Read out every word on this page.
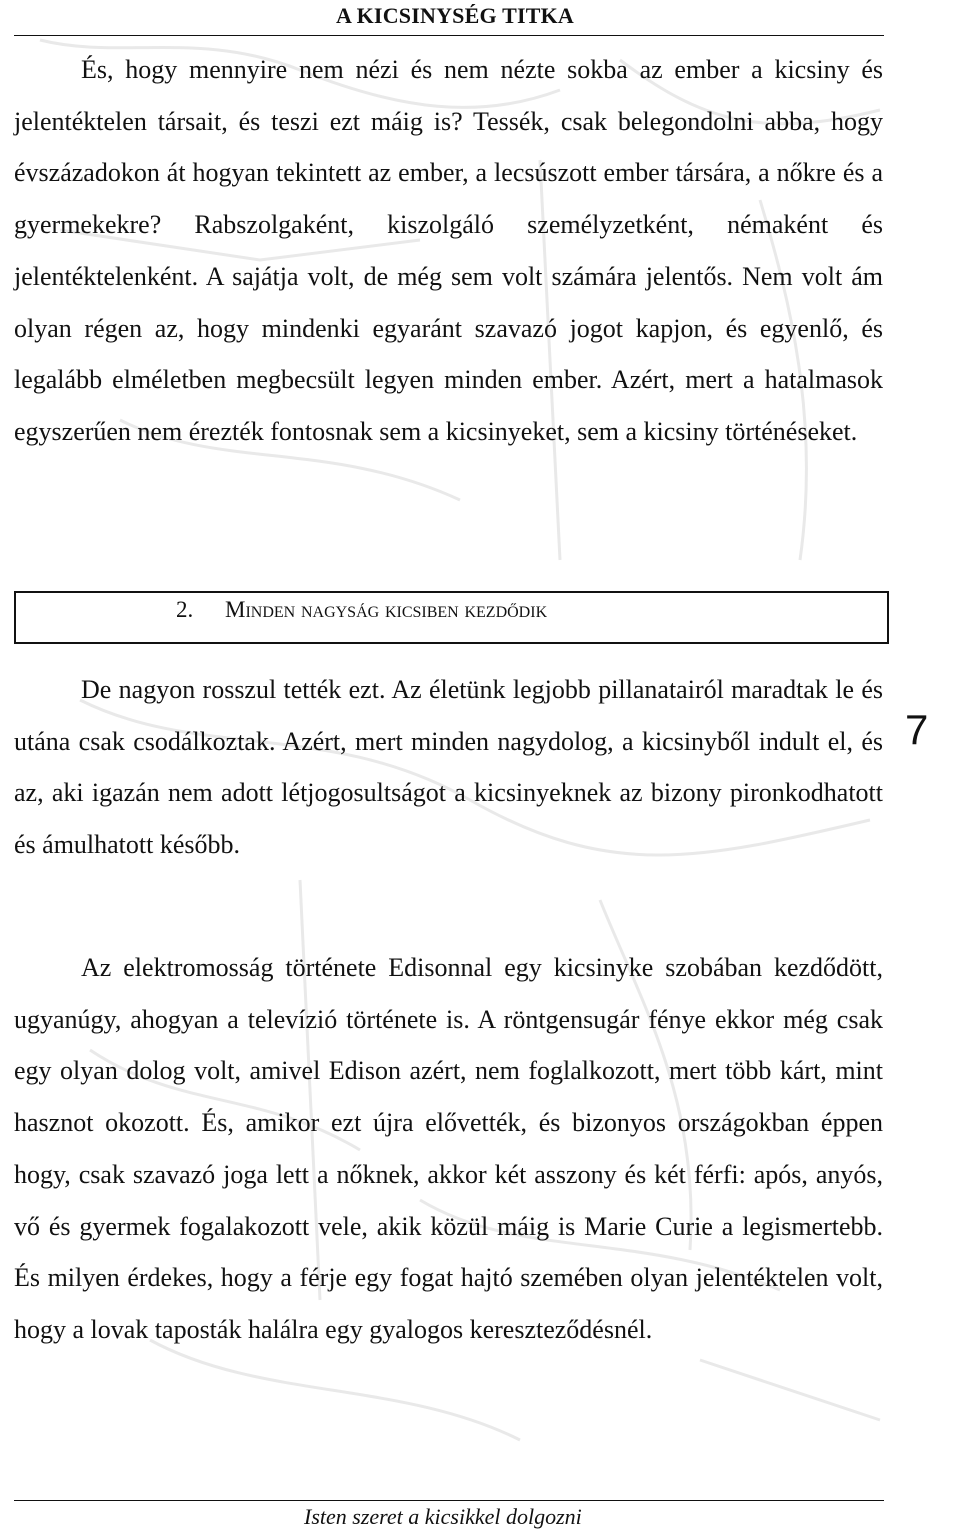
A KICSINYSÉG TITKA

És, hogy mennyire nem nézi és nem nézte sokba az ember a kicsiny és jelentéktelen társait, és teszi ezt máig is? Tessék, csak belegondolni abba, hogy évszázadokon át hogyan tekintett az ember, a lecsúszott ember társára, a nőkre és a gyermekekre? Rabszolgaként, kiszolgáló személyzetként, némaként és jelentéktelenként. A sajátja volt, de még sem volt számára jelentős. Nem volt ám olyan régen az, hogy mindenki egyaránt szavazó jogot kapjon, és egyenlő, és legalább elméletben megbecsült legyen minden ember. Azért, mert a hatalmasok egyszerűen nem érezték fontosnak sem a kicsinyeket, sem a kicsiny történéseket.

2. Minden nagyság kicsiben kezdődik

De nagyon rosszul tették ezt. Az életünk legjobb pillanatairól maradtak le és utána csak csodálkoztak. Azért, mert minden nagydolog, a kicsinyből indult el, és az, aki igazán nem adott létjogosultságot a kicsinyeknek az bizony pironkodhatott és ámulhatott később.

Az elektromosság története Edisonnal egy kicsinyke szobában kezdődött, ugyanúgy, ahogyan a televízió története is. A röntgensugár fénye ekkor még csak egy olyan dolog volt, amivel Edison azért, nem foglalkozott, mert több kárt, mint hasznot okozott. És, amikor ezt újra elővették, és bizonyos országokban éppen hogy, csak szavazó joga lett a nőknek, akkor két asszony és két férfi: após, anyós, vő és gyermek fogalakozott vele, akik közül máig is Marie Curie a legismertebb. És milyen érdekes, hogy a férje egy fogat hajtó szemében olyan jelentéktelen volt, hogy a lovak taposták halálra egy gyalogos kereszteződésnél.

7
Isten szeret a kicsikkel dolgozni
